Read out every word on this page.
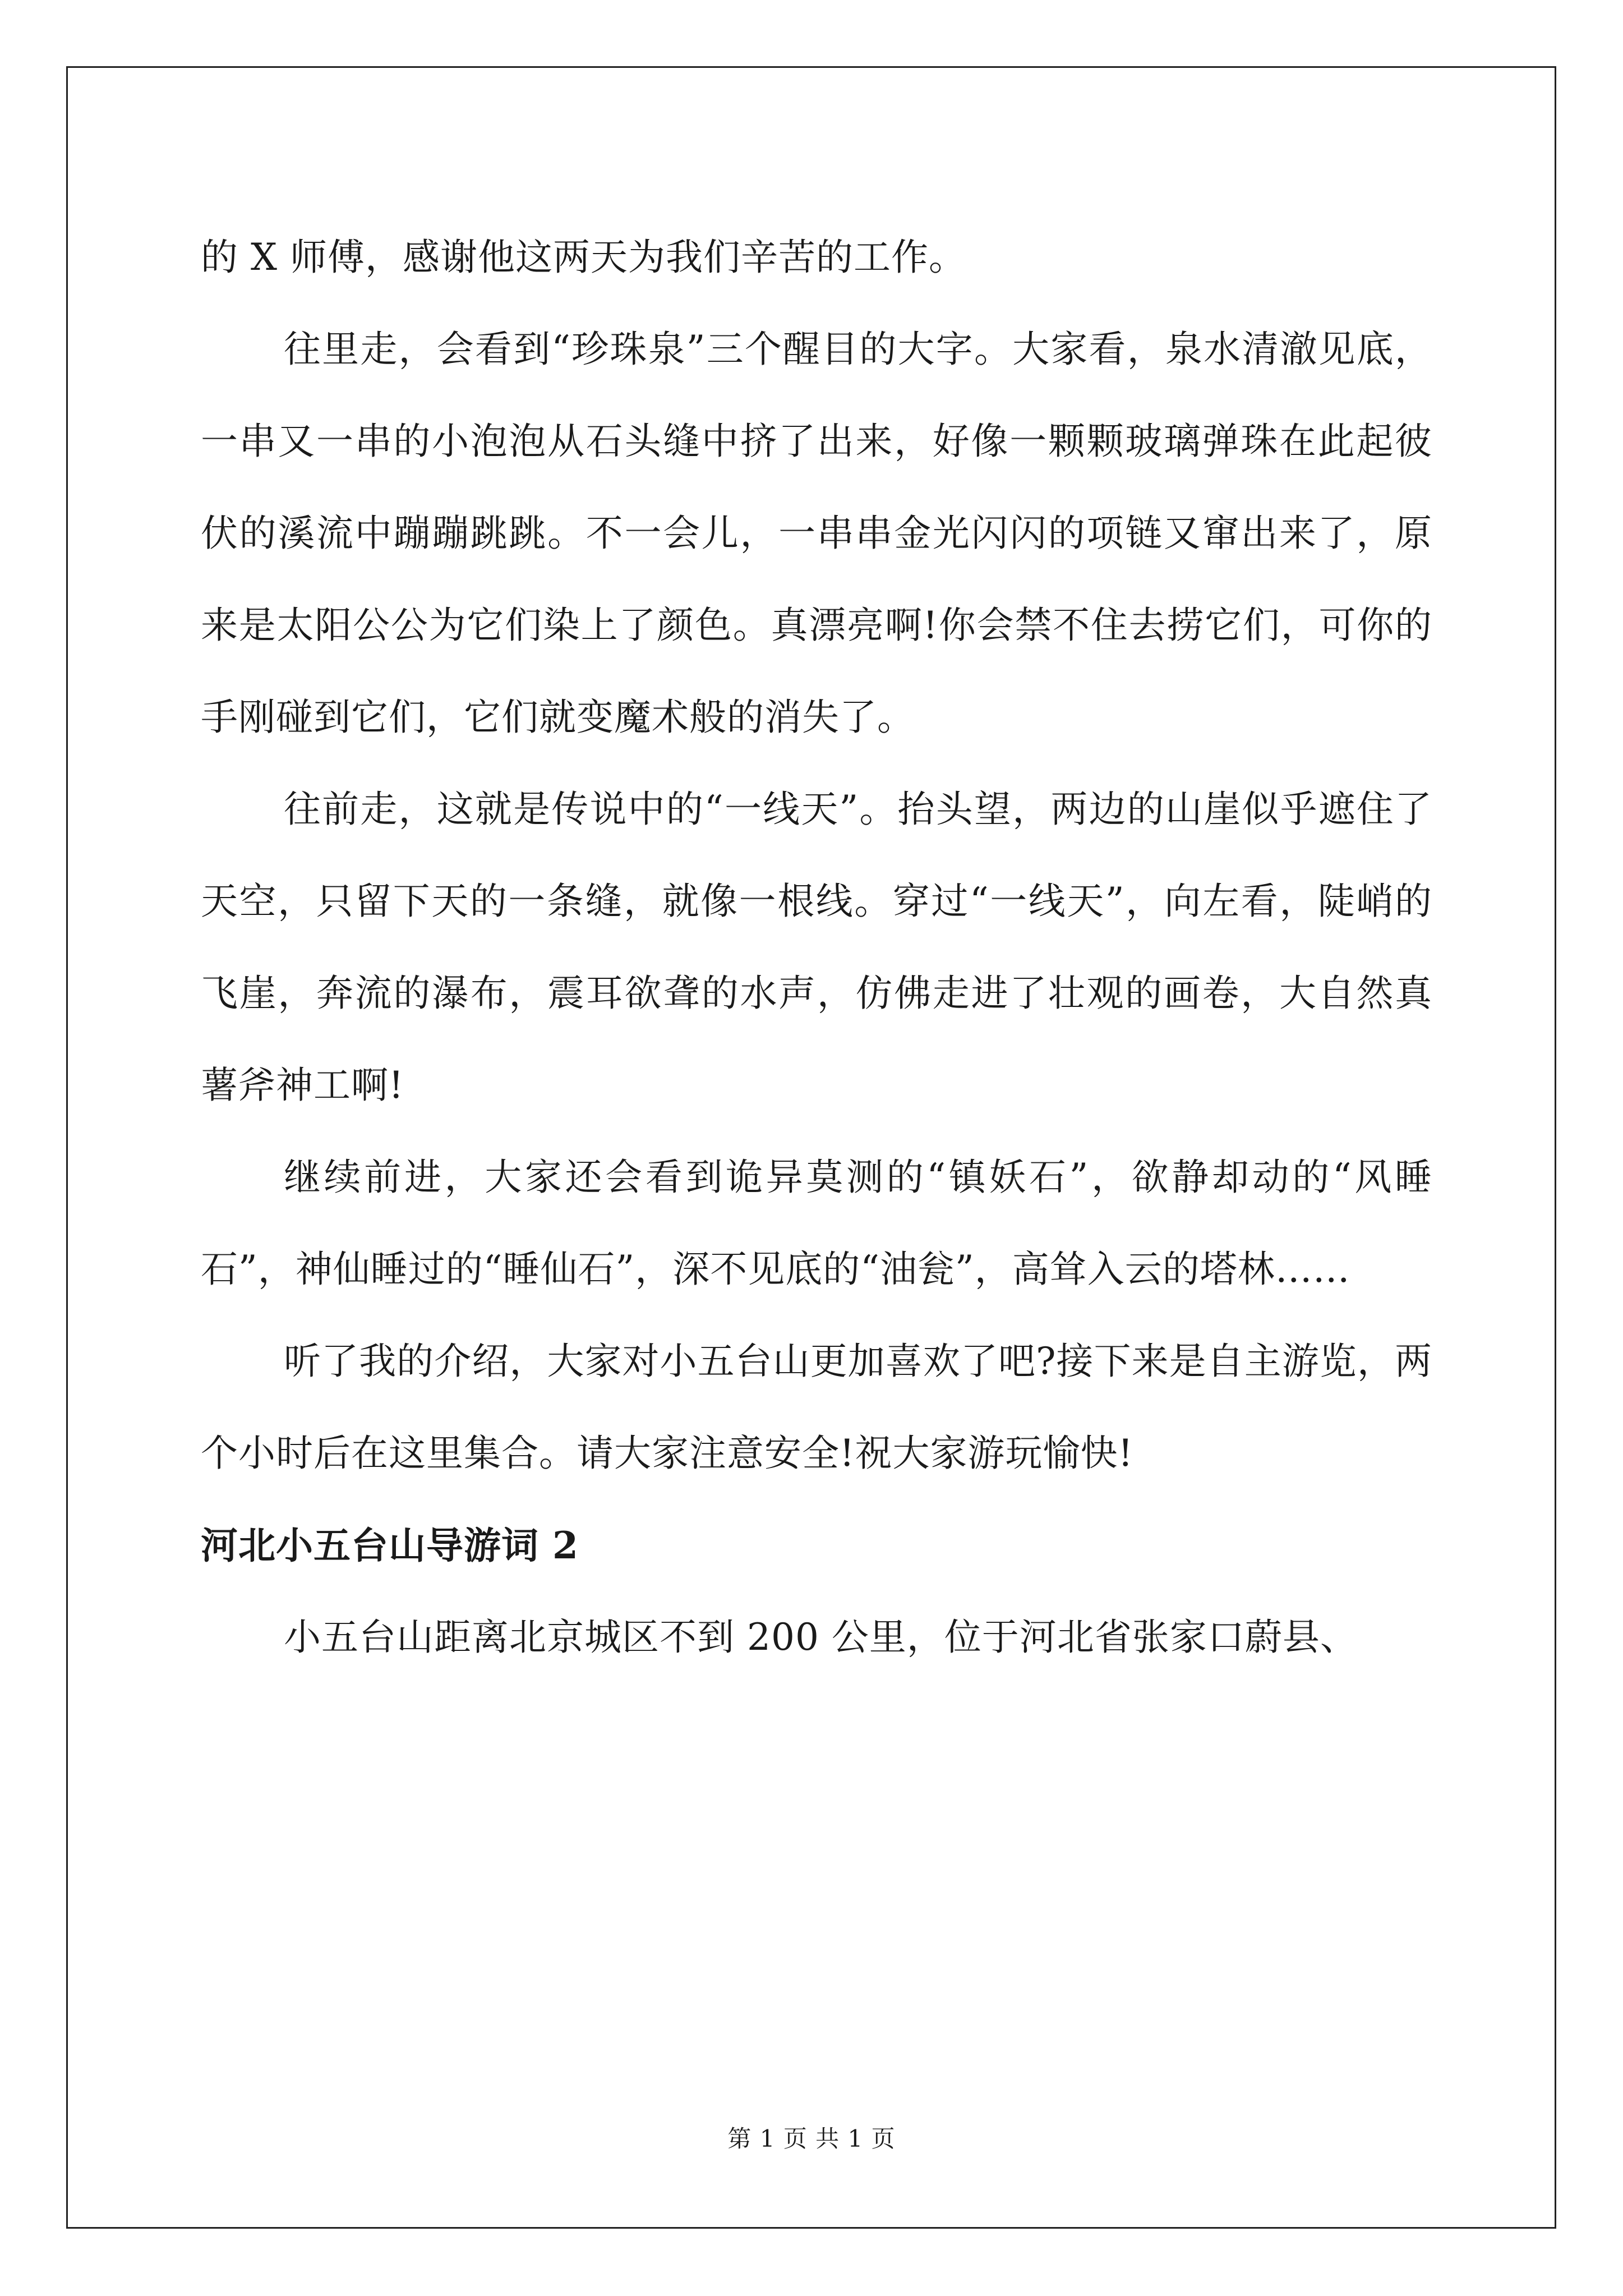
的 X 师傅，感谢他这两天为我们辛苦的工作。

往里走，会看到“珍珠泉”三个醒目的大字。大家看，泉水清澈见底，一串又一串的小泡泡从石头缝中挤了出来，好像一颗颗玻璃弹珠在此起彼伏的溪流中蹦蹦跳跳。不一会儿，一串串金光闪闪的项链又窜出来了，原来是太阳公公为它们染上了颜色。真漂亮啊!你会禁不住去捞它们，可你的手刚碰到它们，它们就变魔术般的消失了。

往前走，这就是传说中的“一线天”。抬头望，两边的山崖似乎遮住了天空，只留下天的一条缝，就像一根线。穿过“一线天”，向左看，陡峭的飞崖，奔流的瀑布，震耳欲聋的水声，仿佛走进了壮观的画卷，大自然真薯斧神工啊!

继续前进，大家还会看到诡异莫测的“镇妖石”，欲静却动的“风睡石”，神仙睡过的“睡仙石”，深不见底的“油瓮”，高耸入云的塔林……

听了我的介绍，大家对小五台山更加喜欢了吧?接下来是自主游览，两个小时后在这里集合。请大家注意安全!祝大家游玩愉快!

河北小五台山导游词 2

小五台山距离北京城区不到 200 公里，位于河北省张家口蔚县、

第 1 页 共 1 页
